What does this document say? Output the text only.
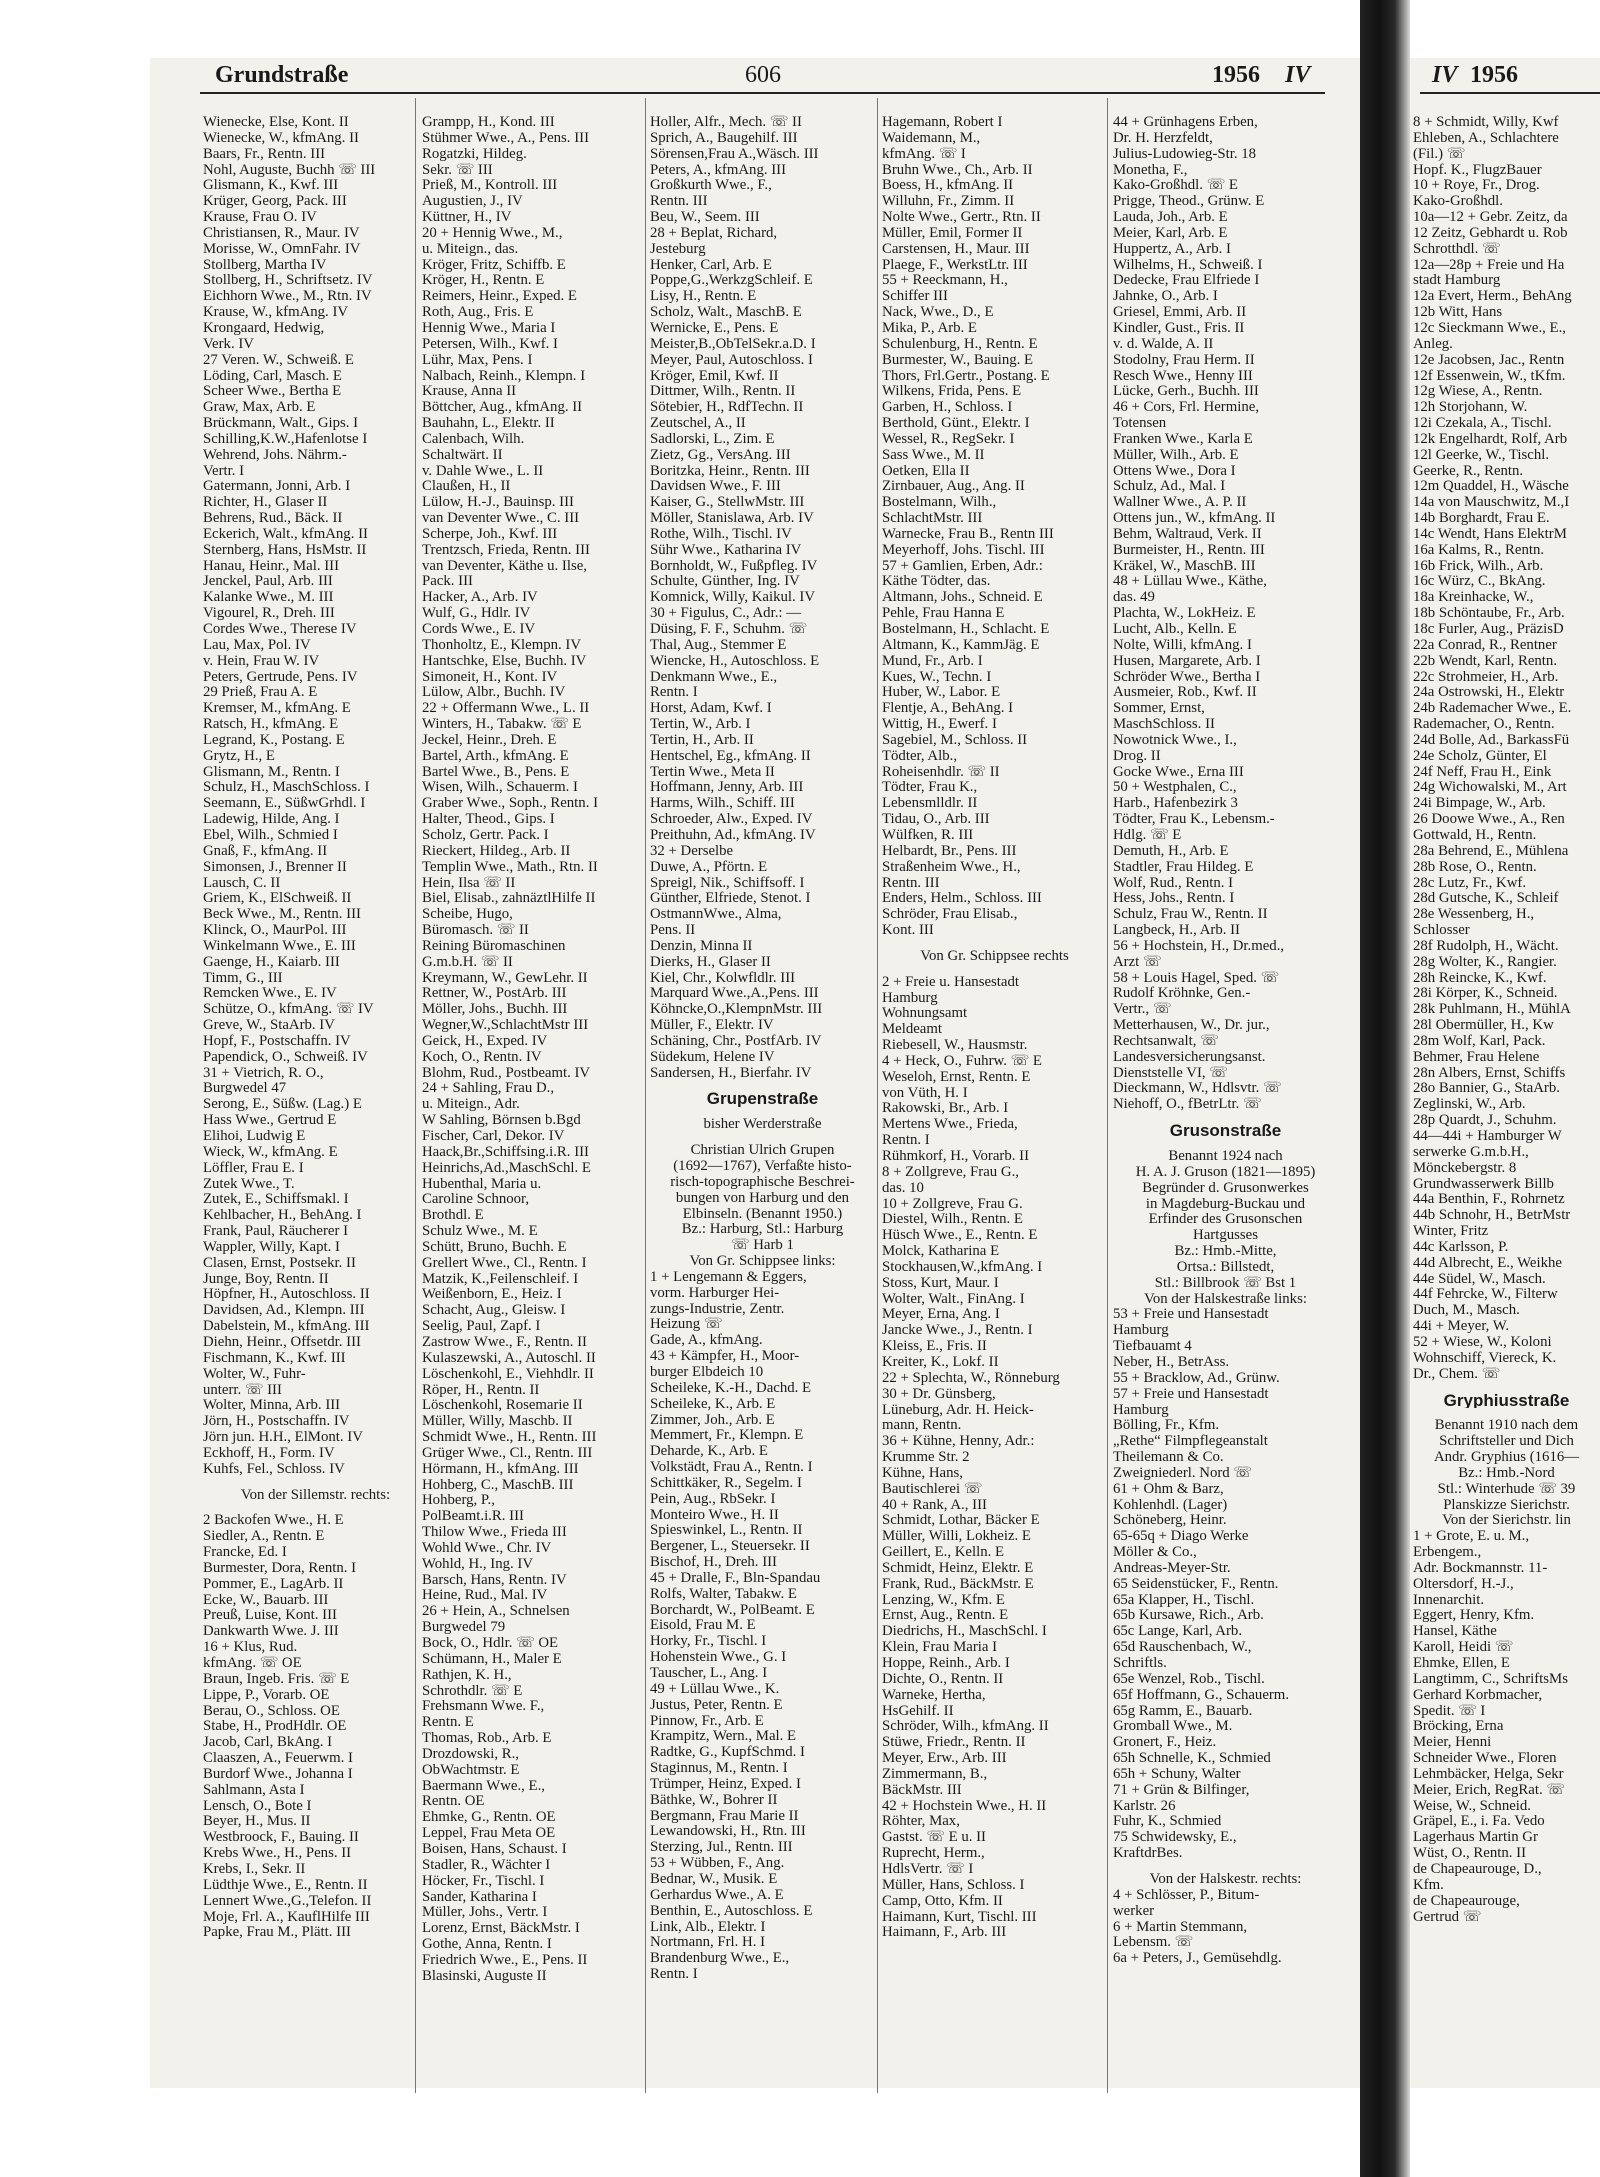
Grundstraße	606	1956 IV	IV 1956
Wienecke, Else, Kont. II
Wienecke, W., kfmAng. II
Baars, Fr., Rentn. III
Nohl, Auguste, Buchh ☏ III
Glismann, K., Kwf. III
Krüger, Georg, Pack. III
Krause, Frau O. IV
Christiansen, R., Maur. IV
Morisse, W., OmnFahr. IV
Stollberg, Martha IV
Stollberg, H., Schriftsetz. IV
Eichhorn Wwe., M., Rtn. IV
Krause, W., kfmAng. IV
Krongaard, Hedwig,
Verk. IV
27 Veren. W., Schweiß. E
Löding, Carl, Masch. E
Scheer Wwe., Bertha E
Graw, Max, Arb. E
Brückmann, Walt., Gips. I
Schilling,K.W.,Hafenlotse I
Wehrend, Johs. Nährm.-
Vertr. I
Gatermann, Jonni, Arb. I
Richter, H., Glaser II
Behrens, Rud., Bäck. II
Eckerich, Walt., kfmAng. II
Sternberg, Hans, HsMstr. II
Hanau, Heinr., Mal. III
Jenckel, Paul, Arb. III
Kalanke Wwe., M. III
Vigourel, R., Dreh. III
Cordes Wwe., Therese IV
Lau, Max, Pol. IV
v. Hein, Frau W. IV
Peters, Gertrude, Pens. IV
29 Prieß, Frau A. E
Kremser, M., kfmAng. E
Ratsch, H., kfmAng. E
Legrand, K., Postang. E
Grytz, H., E
Glismann, M., Rentn. I
Schulz, H., MaschSchloss. I
Seemann, E., SüßwGrhdl. I
Ladewig, Hilde, Ang. I
Ebel, Wilh., Schmied I
Gnaß, F., kfmAng. II
Simonsen, J., Brenner II
Lausch, C. II
Griem, K., ElSchweiß. II
Beck Wwe., M., Rentn. III
Klinck, O., MaurPol. III
Winkelmann Wwe., E. III
Gaenge, H., Kaiarb. III
Timm, G., III
Remcken Wwe., E. IV
Schütze, O., kfmAng. ☏ IV
Greve, W., StaArb. IV
Hopf, F., Postschaffn. IV
Papendick, O., Schweiß. IV
31 + Vietrich, R. O.,
Burgwedel 47
Serong, E., Süßw. (Lag.) E
Hass Wwe., Gertrud E
Elihoi, Ludwig E
Wieck, W., kfmAng. E
Löffler, Frau E. I
Zutek Wwe., T.
Zutek, E., Schiffsmakl. I
Kehlbacher, H., BehAng. I
Frank, Paul, Räucherer I
Wappler, Willy, Kapt. I
Clasen, Ernst, Postsekr. II
Junge, Boy, Rentn. II
Höpfner, H., Autoschloss. II
Davidsen, Ad., Klempn. III
Dabelstein, M., kfmAng. III
Diehn, Heinr., Offsetdr. III
Fischmann, K., Kwf. III
Wolter, W., Fuhr-
unterr. ☏ III
Wolter, Minna, Arb. III
Jörn, H., Postschaffn. IV
Jörn jun. H.H., ElMont. IV
Eckhoff, H., Form. IV
Kuhfs, Fel., Schloss. IV
Von der Sillemstr. rechts:
2 Backofen Wwe., H. E
Siedler, A., Rentn. E
Francke, Ed. I
Burmester, Dora, Rentn. I
Pommer, E., LagArb. II
Ecke, W., Bauarb. III
Preuß, Luise, Kont. III
Dankwarth Wwe. J. III
16 + Klus, Rud.
kfmAng. ☏ OE
Braun, Ingeb. Fris. ☏ E
Lippe, P., Vorarb. OE
Berau, O., Schloss. OE
Stabe, H., ProdHdlr. OE
Jacob, Carl, BkAng. I
Claaszen, A., Feuerwm. I
Burdorf Wwe., Johanna I
Sahlmann, Asta I
Lensch, O., Bote I
Beyer, H., Mus. II
Westbroock, F., Bauing. II
Krebs Wwe., H., Pens. II
Krebs, I., Sekr. II
Lüdthje Wwe., E., Rentn. II
Lennert Wwe.,G.,Telefon. II
Moje, Frl. A., KauflHilfe III
Papke, Frau M., Plätt. III
Grampp, H., Kond. III
Stühmer Wwe., A., Pens. III
Rogatzki, Hildeg.
Sekr. ☏ III
Prieß, M., Kontroll. III
Augustien, J., IV
Küttner, H., IV
20 + Hennig Wwe., M.,
u. Miteign., das.
Kröger, Fritz, Schiffb. E
Kröger, H., Rentn. E
Reimers, Heinr., Exped. E
Roth, Aug., Fris. E
Hennig Wwe., Maria I
Petersen, Wilh., Kwf. I
Lühr, Max, Pens. I
Nalbach, Reinh., Klempn. I
Krause, Anna II
Böttcher, Aug., kfmAng. II
Bauhahn, L., Elektr. II
Calenbach, Wilh.
Schaltwärt. II
v. Dahle Wwe., L. II
Claußen, H., II
Lülow, H.-J., Bauinsp. III
van Deventer Wwe., C. III
Scherpe, Joh., Kwf. III
Trentzsch, Frieda, Rentn. III
van Deventer, Käthe u. Ilse,
Pack. III
Hacker, A., Arb. IV
Wulf, G., Hdlr. IV
Cords Wwe., E. IV
Thonholtz, E., Klempn. IV
Hantschke, Else, Buchh. IV
Simoneit, H., Kont. IV
Lülow, Albr., Buchh. IV
22 + Offermann Wwe., L. II
Winters, H., Tabakw. ☏ E
Jeckel, Heinr., Dreh. E
Bartel, Arth., kfmAng. E
Bartel Wwe., B., Pens. E
Wisen, Wilh., Schauerm. I
Graber Wwe., Soph., Rentn. I
Halter, Theod., Gips. I
Scholz, Gertr. Pack. I
Rieckert, Hildeg., Arb. II
Templin Wwe., Math., Rtn. II
Hein, Ilsa ☏ II
Biel, Elisab., zahnäztlHilfe II
Scheibe, Hugo,
Büromasch. ☏ II
Reining Büromaschinen
G.m.b.H. ☏ II
Kreymann, W., GewLehr. II
Rettner, W., PostArb. III
Möller, Johs., Buchh. III
Wegner,W.,SchlachtMstr III
Geick, H., Exped. IV
Koch, O., Rentn. IV
Blohm, Rud., Postbeamt. IV
24 + Sahling, Frau D.,
u. Miteign., Adr.
W Sahling, Börnsen b.Bgd
Fischer, Carl, Dekor. IV
Haack,Br.,Schiffsing.i.R. III
Heinrichs,Ad.,MaschSchl. E
Hubenthal, Maria u.
Caroline Schnoor,
Brothdl. E
Schulz Wwe., M. E
Schütt, Bruno, Buchh. E
Grellert Wwe., Cl., Rentn. I
Matzik, K.,Feilenschleif. I
Weißenborn, E., Heiz. I
Schacht, Aug., Gleisw. I
Seelig, Paul, Zapf. I
Zastrow Wwe., F., Rentn. II
Kulaszewski, A., Autoschl. II
Löschenkohl, E., Viehhdlr. II
Röper, H., Rentn. II
Löschenkohl, Rosemarie II
Müller, Willy, Maschb. II
Schmidt Wwe., H., Rentn. III
Grüger Wwe., Cl., Rentn. III
Hörmann, H., kfmAng. III
Hohberg, C., MaschB. III
Hohberg, P.,
PolBeamt.i.R. III
Thilow Wwe., Frieda III
Wohld Wwe., Chr. IV
Wohld, H., Ing. IV
Barsch, Hans, Rentn. IV
Heine, Rud., Mal. IV
26 + Hein, A., Schnelsen
Burgwedel 79
Bock, O., Hdlr. ☏ OE
Schümann, H., Maler E
Rathjen, K. H.,
Schrothdlr. ☏ E
Frehsmann Wwe. F.,
Rentn. E
Thomas, Rob., Arb. E
Drozdowski, R.,
ObWachtmstr. E
Baermann Wwe., E.,
Rentn. OE
Ehmke, G., Rentn. OE
Leppel, Frau Meta OE
Boisen, Hans, Schaust. I
Stadler, R., Wächter I
Höcker, Fr., Tischl. I
Sander, Katharina I
Müller, Johs., Vertr. I
Lorenz, Ernst, BäckMstr. I
Gothe, Anna, Rentn. I
Friedrich Wwe., E., Pens. II
Blasinski, Auguste II
Holler, Alfr., Mech. ☏ II
Sprich, A., Baugehilf. III
Sörensen,Frau A.,Wäsch. III
Peters, A., kfmAng. III
Großkurth Wwe., F.,
Rentn. III
Beu, W., Seem. III
28 + Beplat, Richard,
Jesteburg
Henker, Carl, Arb. E
Poppe,G.,WerkzgSchleif. E
Lisy, H., Rentn. E
Scholz, Walt., MaschB. E
Wernicke, E., Pens. E
Meister,B.,ObTelSekr.a.D. I
Meyer, Paul, Autoschloss. I
Kröger, Emil, Kwf. II
Dittmer, Wilh., Rentn. II
Sötebier, H., RdfTechn. II
Zeutschel, A., II
Sadlorski, L., Zim. E
Zietz, Gg., VersAng. III
Boritzka, Heinr., Rentn. III
Davidsen Wwe., F. III
Kaiser, G., StellwMstr. III
Möller, Stanislawa, Arb. IV
Rothe, Wilh., Tischl. IV
Sühr Wwe., Katharina IV
Bornholdt, W., Fußpfleg. IV
Schulte, Günther, Ing. IV
Komnick, Willy, Kaikul. IV
30 + Figulus, C., Adr.: —
Düsing, F. F., Schuhm. ☏
Thal, Aug., Stemmer E
Wiencke, H., Autoschloss. E
Denkmann Wwe., E.,
Rentn. I
Horst, Adam, Kwf. I
Tertin, W., Arb. I
Tertin, H., Arb. II
Hentschel, Eg., kfmAng. II
Tertin Wwe., Meta II
Hoffmann, Jenny, Arb. III
Harms, Wilh., Schiff. III
Schroeder, Alw., Exped. IV
Preithuhn, Ad., kfmAng. IV
32 + Derselbe
Duwe, A., Pförtn. E
Spreigl, Nik., Schiffsoff. I
Günther, Elfriede, Stenot. I
OstmannWwe., Alma,
Pens. II
Denzin, Minna II
Dierks, H., Glaser II
Kiel, Chr., Kolwfldlr. III
Marquard Wwe.,A.,Pens. III
Köhncke,O.,KlempnMstr. III
Müller, F., Elektr. IV
Schäning, Chr., PostfArb. IV
Südekum, Helene IV
Sandersen, H., Bierfahr. IV
Grupenstraße
bisher Werderstraße
Christian Ulrich Grupen
(1692—1767), Verfaßte histo-
risch-topographische Beschrei-
bungen von Harburg und den
Elbinseln. (Benannt 1950.)
Bz.: Harburg, Stl.: Harburg
☏ Harb 1
Von Gr. Schippsee links:
1 + Lengemann & Eggers,
vorm. Harburger Hei-
zungs-Industrie, Zentr.
Heizung ☏
Gade, A., kfmAng.
43 + Kämpfer, H., Moor-
burger Elbdeich 10
Scheileke, K.-H., Dachd. E
Scheileke, K., Arb. E
Zimmer, Joh., Arb. E
Memmert, Fr., Klempn. E
Deharde, K., Arb. E
Volkstädt, Frau A., Rentn. I
Schittkäker, R., Segelm. I
Pein, Aug., RbSekr. I
Monteiro Wwe., H. II
Spieswinkel, L., Rentn. II
Bergener, L., Steuersekr. II
Bischof, H., Dreh. III
45 + Dralle, F., Bln-Spandau
Rolfs, Walter, Tabakw. E
Borchardt, W., PolBeamt. E
Eisold, Frau M. E
Horky, Fr., Tischl. I
Hohenstein Wwe., G. I
Tauscher, L., Ang. I
49 + Lüllau Wwe., K.
Justus, Peter, Rentn. E
Pinnow, Fr., Arb. E
Krampitz, Wern., Mal. E
Radtke, G., KupfSchmd. I
Staginnus, M., Rentn. I
Trümper, Heinz, Exped. I
Bäthke, W., Bohrer II
Bergmann, Frau Marie II
Lewandowski, H., Rtn. III
Sterzing, Jul., Rentn. III
53 + Wübben, F., Ang.
Bednar, W., Musik. E
Gerhardus Wwe., A. E
Benthin, E., Autoschloss. E
Link, Alb., Elektr. I
Nortmann, Frl. H. I
Brandenburg Wwe., E.,
Rentn. I
Hagemann, Robert I
Waidemann, M.,
kfmAng. ☏ I
Bruhn Wwe., Ch., Arb. II
Boess, H., kfmAng. II
Willuhn, Fr., Zimm. II
Nolte Wwe., Gertr., Rtn. II
Müller, Emil, Former II
Carstensen, H., Maur. III
Plaege, F., WerkstLtr. III
55 + Reeckmann, H.,
Schiffer III
Nack, Wwe., D., E
Mika, P., Arb. E
Schulenburg, H., Rentn. E
Burmester, W., Bauing. E
Thors, Frl.Gertr., Postang. E
Wilkens, Frida, Pens. E
Garben, H., Schloss. I
Berthold, Günt., Elektr. I
Wessel, R., RegSekr. I
Sass Wwe., M. II
Oetken, Ella II
Zirnbauer, Aug., Ang. II
Bostelmann, Wilh.,
SchlachtMstr. III
Warnecke, Frau B., Rentn III
Meyerhoff, Johs. Tischl. III
57 + Gamlien, Erben, Adr.:
Käthe Tödter, das.
Altmann, Johs., Schneid. E
Pehle, Frau Hanna E
Bostelmann, H., Schlacht. E
Altmann, K., KammJäg. E
Mund, Fr., Arb. I
Kues, W., Techn. I
Huber, W., Labor. E
Flentje, A., BehAng. I
Wittig, H., Ewerf. I
Sagebiel, M., Schloss. II
Tödter, Alb.,
Roheisenhdlr. ☏ II
Tödter, Frau K.,
Lebensmlldlr. II
Tidau, O., Arb. III
Wülfken, R. III
Helbardt, Br., Pens. III
Straßenheim Wwe., H.,
Rentn. III
Enders, Helm., Schloss. III
Schröder, Frau Elisab.,
Kont. III
Von Gr. Schippsee rechts
2 + Freie u. Hansestadt
Hamburg
Wohnungsamt
Meldeamt
Riebesell, W., Hausmstr.
4 + Heck, O., Fuhrw. ☏ E
Weseloh, Ernst, Rentn. E
von Vüth, H. I
Rakowski, Br., Arb. I
Mertens Wwe., Frieda,
Rentn. I
Rühmkorf, H., Vorarb. II
8 + Zollgreve, Frau G.,
das. 10
10 + Zollgreve, Frau G.
Diestel, Wilh., Rentn. E
Hüsch Wwe., E., Rentn. E
Molck, Katharina E
Stockhausen,W.,kfmAng. I
Stoss, Kurt, Maur. I
Wolter, Walt., FinAng. I
Meyer, Erna, Ang. I
Jancke Wwe., J., Rentn. I
Kleiss, E., Fris. II
Kreiter, K., Lokf. II
22 + Splechta, W., Rönneburg
30 + Dr. Günsberg,
Lüneburg, Adr. H. Heick-
mann, Rentn.
36 + Kühne, Henny, Adr.:
Krumme Str. 2
Kühne, Hans,
Bautischlerei ☏
40 + Rank, A., III
Schmidt, Lothar, Bäcker E
Müller, Willi, Lokheiz. E
Geillert, E., Kelln. E
Schmidt, Heinz, Elektr. E
Frank, Rud., BäckMstr. E
Lenzing, W., Kfm. E
Ernst, Aug., Rentn. E
Diedrichs, H., MaschSchl. I
Klein, Frau Maria I
Hoppe, Reinh., Arb. I
Dichte, O., Rentn. II
Warneke, Hertha,
HsGehilf. II
Schröder, Wilh., kfmAng. II
Stüwe, Friedr., Rentn. II
Meyer, Erw., Arb. III
Zimmermann, B.,
BäckMstr. III
42 + Hochstein Wwe., H. II
Röhter, Max,
Gastst. ☏ E u. II
Ruprecht, Herm.,
HdlsVertr. ☏ I
Müller, Hans, Schloss. I
Camp, Otto, Kfm. II
Haimann, Kurt, Tischl. III
Haimann, F., Arb. III
44 + Grünhagens Erben,
Dr. H. Herzfeldt,
Julius-Ludowieg-Str. 18
Monetha, F.,
Kako-Großhdl. ☏ E
Prigge, Theod., Grünw. E
Lauda, Joh., Arb. E
Meier, Karl, Arb. E
Huppertz, A., Arb. I
Wilhelms, H., Schweiß. I
Dedecke, Frau Elfriede I
Jahnke, O., Arb. I
Griesel, Emmi, Arb. II
Kindler, Gust., Fris. II
v. d. Walde, A. II
Stodolny, Frau Herm. II
Resch Wwe., Henny III
Lücke, Gerh., Buchh. III
46 + Cors, Frl. Hermine,
Totensen
Franken Wwe., Karla E
Müller, Wilh., Arb. E
Ottens Wwe., Dora I
Schulz, Ad., Mal. I
Wallner Wwe., A. P. II
Ottens jun., W., kfmAng. II
Behm, Waltraud, Verk. II
Burmeister, H., Rentn. III
Kräkel, W., MaschB. III
48 + Lüllau Wwe., Käthe,
das. 49
Plachta, W., LokHeiz. E
Lucht, Alb., Kelln. E
Nolte, Willi, kfmAng. I
Husen, Margarete, Arb. I
Schröder Wwe., Bertha I
Ausmeier, Rob., Kwf. II
Sommer, Ernst,
MaschSchloss. II
Nowotnick Wwe., I.,
Drog. II
Gocke Wwe., Erna III
50 + Westphalen, C.,
Harb., Hafenbezirk 3
Tödter, Frau K., Lebensm.-
Hdlg. ☏ E
Demuth, H., Arb. E
Stadtler, Frau Hildeg. E
Wolf, Rud., Rentn. I
Hess, Johs., Rentn. I
Schulz, Frau W., Rentn. II
Langbeck, H., Arb. II
56 + Hochstein, H., Dr.med.,
Arzt ☏
58 + Louis Hagel, Sped. ☏
Rudolf Kröhnke, Gen.-
Vertr., ☏
Metterhausen, W., Dr. jur.,
Rechtsanwalt, ☏
Landesversicherungsanst.
Dienststelle VI, ☏
Dieckmann, W., Hdlsvtr. ☏
Niehoff, O., fBetrLtr. ☏
Grusonstraße
Benannt 1924 nach
H. A. J. Gruson (1821—1895)
Begründer d. Grusonwerkes
in Magdeburg-Buckau und
Erfinder des Grusonschen
Hartgusses
Bz.: Hmb.-Mitte,
Ortsa.: Billstedt,
Stl.: Billbrook ☏ Bst 1
Von der Halskestraße links:
53 + Freie und Hansestadt
Hamburg
Tiefbauamt 4
Neber, H., BetrAss.
55 + Bracklow, Ad., Grünw.
57 + Freie und Hansestadt
Hamburg
Bölling, Fr., Kfm.
„Rethe“ Filmpflegeanstalt
Theilemann & Co.
Zweigniederl. Nord ☏
61 + Ohm & Barz,
Kohlenhdl. (Lager)
Schöneberg, Heinr.
65-65q + Diago Werke
Möller & Co.,
Andreas-Meyer-Str.
65 Seidenstücker, F., Rentn.
65a Klapper, H., Tischl.
65b Kursawe, Rich., Arb.
65c Lange, Karl, Arb.
65d Rauschenbach, W.,
Schriftls.
65e Wenzel, Rob., Tischl.
65f Hoffmann, G., Schauerm.
65g Ramm, E., Bauarb.
Gromball Wwe., M.
Gronert, F., Heiz.
65h Schnelle, K., Schmied
65h + Schuny, Walter
71 + Grün & Bilfinger,
Karlstr. 26
Fuhr, K., Schmied
75 Schwidewsky, E.,
KraftdrBes.
Von der Halskestr. rechts:
4 + Schlösser, P., Bitum-
werker
6 + Martin Stemmann,
Lebensm. ☏
6a + Peters, J., Gemüsehdlg.
8 + Schmidt, Willy, Kwf
Ehleben, A., Schlachtere
(Fil.) ☏
Hopf. K., FlugzBauer
10 + Roye, Fr., Drog.
Kako-Großhdl.
10a—12 + Gebr. Zeitz, da
12 Zeitz, Gebhardt u. Rob
Schrotthdl. ☏
12a—28p + Freie und Ha
stadt Hamburg
12a Evert, Herm., BehAng
12b Witt, Hans
12c Sieckmann Wwe., E.,
Anleg.
12e Jacobsen, Jac., Rentn
12f Essenwein, W., tKfm.
12g Wiese, A., Rentn.
12h Storjohann, W.
12i Czekala, A., Tischl.
12k Engelhardt, Rolf, Arb
12l Geerke, W., Tischl.
Geerke, R., Rentn.
12m Quaddel, H., Wäsche
14a von Mauschwitz, M.,I
14b Borghardt, Frau E.
14c Wendt, Hans ElektrM
16a Kalms, R., Rentn.
16b Frick, Wilh., Arb.
16c Würz, C., BkAng.
18a Kreinhacke, W.,
18b Schöntaube, Fr., Arb.
18c Furler, Aug., PräzisD
22a Conrad, R., Rentner
22b Wendt, Karl, Rentn.
22c Strohmeier, H., Arb.
24a Ostrowski, H., Elektr
24b Rademacher Wwe., E.
Rademacher, O., Rentn.
24d Bolle, Ad., BarkassFü
24e Scholz, Günter, El
24f Neff, Frau H., Eink
24g Wichowalski, M., Art
24i Bimpage, W., Arb.
26 Doowe Wwe., A., Ren
Gottwald, H., Rentn.
28a Behrend, E., Mühlena
28b Rose, O., Rentn.
28c Lutz, Fr., Kwf.
28d Gutsche, K., Schleif
28e Wessenberg, H.,
Schlosser
28f Rudolph, H., Wächt.
28g Wolter, K., Rangier.
28h Reincke, K., Kwf.
28i Körper, K., Schneid.
28k Puhlmann, H., MühlA
28l Obermüller, H., Kw
28m Wolf, Karl, Pack.
Behmer, Frau Helene
28n Albers, Ernst, Schiffs
28o Bannier, G., StaArb.
Zeglinski, W., Arb.
28p Quardt, J., Schuhm.
44—44i + Hamburger W
serwerke G.m.b.H.,
Mönckebergstr. 8
Grundwasserwerk Billb
44a Benthin, F., Rohrnetz
44b Schnohr, H., BetrMstr
Winter, Fritz
44c Karlsson, P.
44d Albrecht, E., Weikhe
44e Südel, W., Masch.
44f Fehrcke, W., Filterw
Duch, M., Masch.
44i + Meyer, W.
52 + Wiese, W., Koloni
Wohnschiff, Viereck, K.
Dr., Chem. ☏
Gryphiusstraße
Benannt 1910 nach dem
Schriftsteller und Dich
Andr. Gryphius (1616—
Bz.: Hmb.-Nord
Stl.: Winterhude ☏ 39
Planskizze Sierichstr.
Von der Sierichstr. lin
1 + Grote, E. u. M.,
Erbengem.,
Adr. Bockmannstr. 11-
Oltersdorf, H.-J.,
Innenarchit.
Eggert, Henry, Kfm.
Hansel, Käthe
Karoll, Heidi ☏
Ehmke, Ellen, E
Langtimm, C., SchriftsMs
Gerhard Korbmacher,
Spedit. ☏ I
Bröcking, Erna
Meier, Henni
Schneider Wwe., Floren
Lehmbäcker, Helga, Sekr
Meier, Erich, RegRat. ☏
Weise, W., Schneid.
Gräpel, E., i. Fa. Vedo
Lagerhaus Martin Gr
Wüst, O., Rentn. II
de Chapeaurouge, D.,
Kfm.
de Chapeaurouge,
Gertrud ☏
